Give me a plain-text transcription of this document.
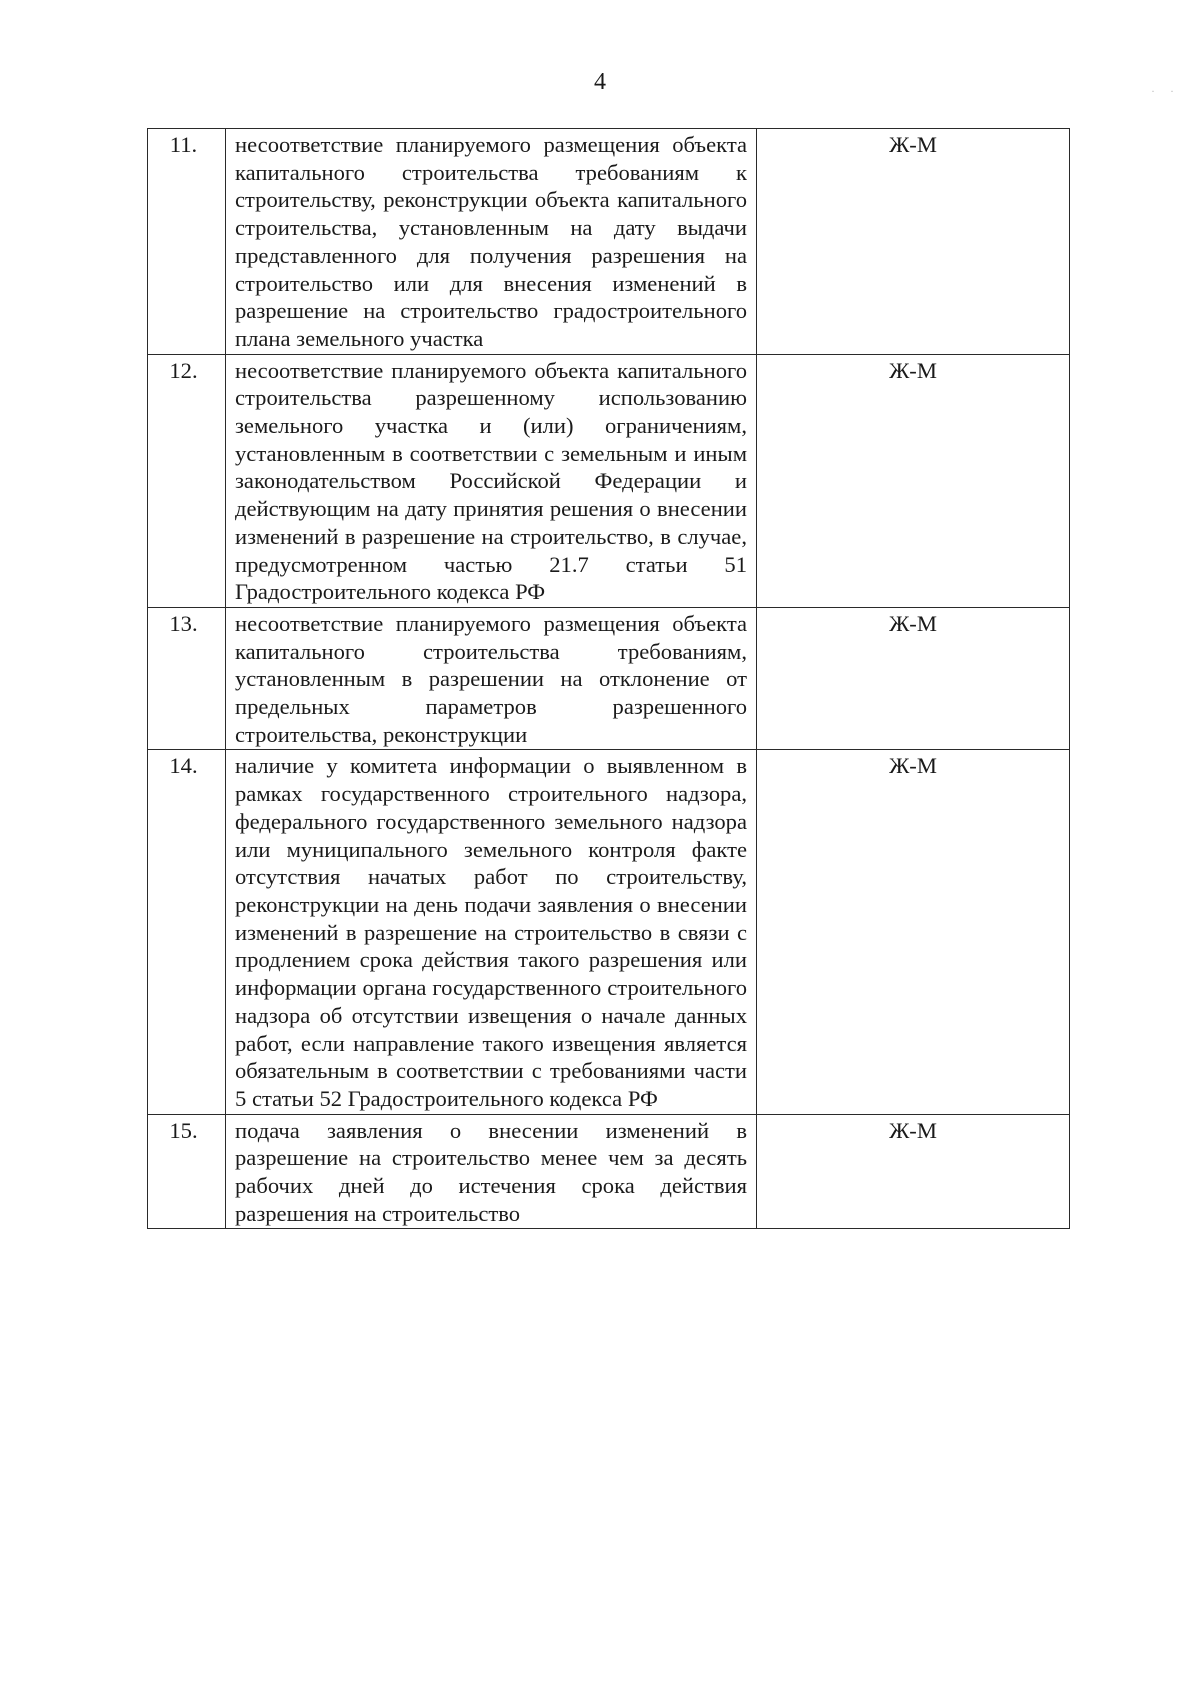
4	· ·
11.	несоответствие планируемого размещения объекта капитального строительства требованиям к строительству, реконструкции объекта капитального строительства, установленным на дату выдачи представленного для получения разрешения на строительство или для внесения изменений в разрешение на строительство градостроительного плана земельного участка	Ж-М
12.	несоответствие планируемого объекта капитального строительства разрешенному использованию земельного участка и (или) ограничениям, установленным в соответствии с земельным и иным законодательством Российской Федерации и действующим на дату принятия решения о внесении изменений в разрешение на строительство, в случае, предусмотренном частью 21.7 статьи 51 Градостроительного кодекса РФ	Ж-М
13.	несоответствие планируемого размещения объекта капитального строительства требованиям, установленным в разрешении на отклонение от предельных параметров разрешенного строительства, реконструкции	Ж-М
14.	наличие у комитета информации о выявленном в рамках государственного строительного надзора, федерального государственного земельного надзора или муниципального земельного контроля факте отсутствия начатых работ по строительству, реконструкции на день подачи заявления о внесении изменений в разрешение на строительство в связи с продлением срока действия такого разрешения или информации органа государственного строительного надзора об отсутствии извещения о начале данных работ, если направление такого извещения является обязательным в соответствии с требованиями части 5 статьи 52 Градостроительного кодекса РФ	Ж-М
15.	подача заявления о внесении изменений в разрешение на строительство менее чем за десять рабочих дней до истечения срока действия разрешения на строительство	Ж-М
